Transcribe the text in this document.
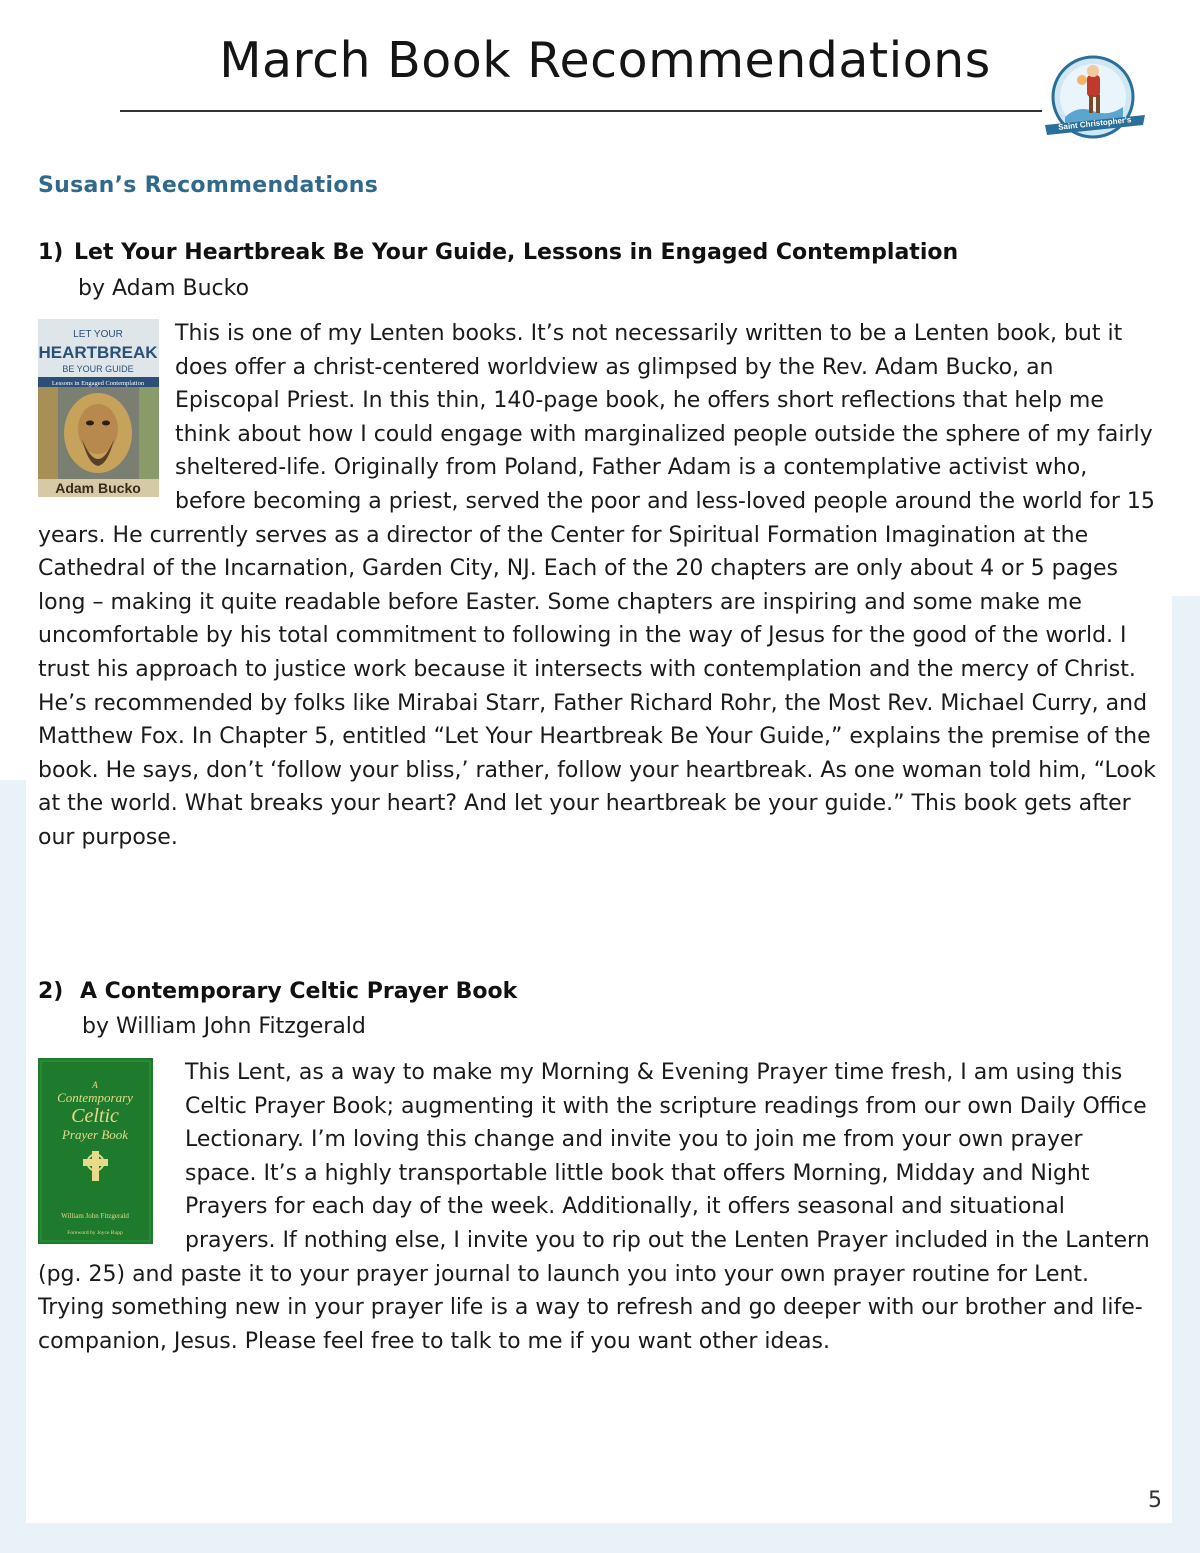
March Book Recommendations
Saint Christopher's
Susan’s Recommendations
1) Let Your Heartbreak Be Your Guide, Lessons in Engaged Contemplation
by Adam Bucko
LET YOUR
HEARTBREAK
BE YOUR GUIDE
Lessons in Engaged Contemplation
Adam Bucko

This is one of my Lenten books. It’s not necessarily written to be a Lenten book, but it does offer a christ-centered worldview as glimpsed by the Rev. Adam Bucko, an Episcopal Priest. In this thin, 140-page book, he offers short reflections that help me think about how I could engage with marginalized people outside the sphere of my fairly sheltered-life. Originally from Poland, Father Adam is a contemplative activist who, before becoming a priest, served the poor and less-loved people around the world for 15 years. He currently serves as a director of the Center for Spiritual Formation Imagination at the Cathedral of the Incarnation, Garden City, NJ. Each of the 20 chapters are only about 4 or 5 pages long – making it quite readable before Easter. Some chapters are inspiring and some make me uncomfortable by his total commitment to following in the way of Jesus for the good of the world. I trust his approach to justice work because it intersects with contemplation and the mercy of Christ. He’s recommended by folks like Mirabai Starr, Father Richard Rohr, the Most Rev. Michael Curry, and Matthew Fox. In Chapter 5, entitled “Let Your Heartbreak Be Your Guide,” explains the premise of the book. He says, don’t ‘follow your bliss,’ rather, follow your heartbreak. As one woman told him, “Look at the world. What breaks your heart? And let your heartbreak be your guide.” This book gets after our purpose.

2) A Contemporary Celtic Prayer Book
by William John Fitzgerald
A
Contemporary
Celtic
Prayer Book
William John Fitzgerald
Foreword by Joyce Rupp

This Lent, as a way to make my Morning & Evening Prayer time fresh, I am using this Celtic Prayer Book; augmenting it with the scripture readings from our own Daily Office Lectionary. I’m loving this change and invite you to join me from your own prayer space. It’s a highly transportable little book that offers Morning, Midday and Night Prayers for each day of the week. Additionally, it offers seasonal and situational prayers. If nothing else, I invite you to rip out the Lenten Prayer included in the Lantern (pg. 25) and paste it to your prayer journal to launch you into your own prayer routine for Lent. Trying something new in your prayer life is a way to refresh and go deeper with our brother and life-companion, Jesus. Please feel free to talk to me if you want other ideas.

5
